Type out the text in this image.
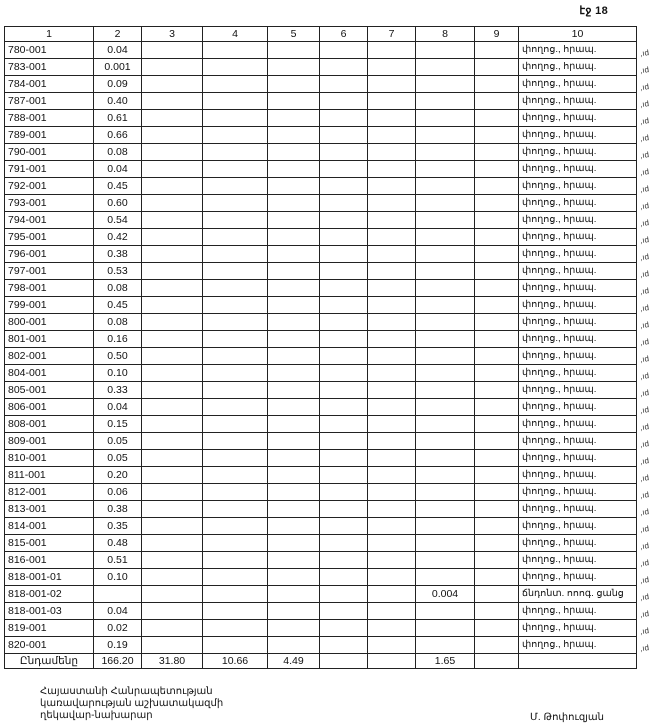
էջ 18
1	2	3	4	5	6	7	8	9	10
780-001	0.04								փողոց., հրապ.
783-001	0.001								փողոց., հրապ.
784-001	0.09								փողոց., հրապ.
787-001	0.40								փողոց., հրապ.
788-001	0.61								փողոց., հրապ.
789-001	0.66								փողոց., հրապ.
790-001	0.08								փողոց., հրապ.
791-001	0.04								փողոց., հրապ.
792-001	0.45								փողոց., հրապ.
793-001	0.60								փողոց., հրապ.
794-001	0.54								փողոց., հրապ.
795-001	0.42								փողոց., հրապ.
796-001	0.38								փողոց., հրապ.
797-001	0.53								փողոց., հրապ.
798-001	0.08								փողոց., հրապ.
799-001	0.45								փողոց., հրապ.
800-001	0.08								փողոց., հրապ.
801-001	0.16								փողոց., հրապ.
802-001	0.50								փողոց., հրապ.
804-001	0.10								փողոց., հրապ.
805-001	0.33								փողոց., հրապ.
806-001	0.04								փողոց., հրապ.
808-001	0.15								փողոց., հրապ.
809-001	0.05								փողոց., հրապ.
810-001	0.05								փողոց., հրապ.
811-001	0.20								փողոց., հրապ.
812-001	0.06								փողոց., հրապ.
813-001	0.38								փողոց., հրապ.
814-001	0.35								փողոց., հրապ.
815-001	0.48								փողոց., հրապ.
816-001	0.51								փողոց., հրապ.
818-001-01	0.10								փողոց., հրապ.
818-001-02							0.004		ճնդոնտ. ոոոգ. ցանց
818-001-03	0.04								փողոց., հրապ.
819-001	0.02								փողոց., հրապ.
820-001	0.19								փողոց., հրապ.
Ընդամենը	166.20	31.80	10.66	4.49			1.65		
,ıd
,ıd
,ıd
,ıd
,ıd
,ıd
,ıd
,ıd
,ıd
,ıd
,ıd
,ıd
,ıd
,ıd
,ıd
,ıd
,ıd
,ıd
,ıd
,ıd
,ıd
,ıd
,ıd
,ıd
,ıd
,ıd
,ıd
,ıd
,ıd
,ıd
,ıd
,ıd
,ıd
,ıd
,ıd
,ıd
Հայաստանի Հանրապետության
կառավարության աշխատակազմի
ղեկավար-նախարար	Մ. Թոփուզյան
